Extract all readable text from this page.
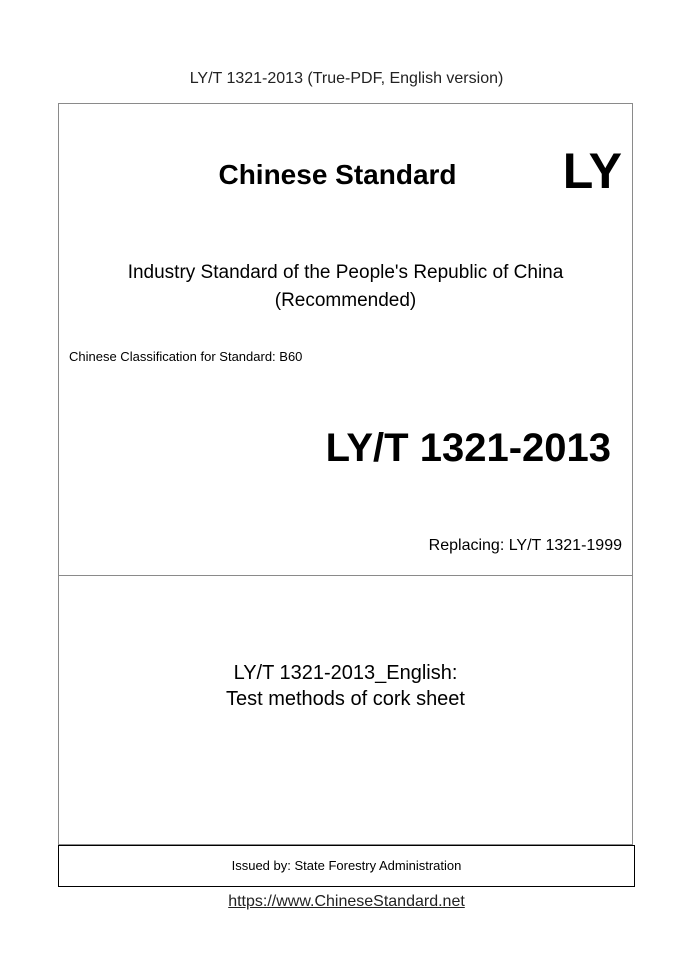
LY/T 1321-2013 (True-PDF, English version)
Chinese Standard	LY
Industry Standard of the People's Republic of China
(Recommended)
Chinese Classification for Standard: B60
LY/T 1321-2013
Replacing: LY/T 1321-1999
LY/T 1321-2013_English:
Test methods of cork sheet
Issued by: State Forestry Administration
https://www.ChineseStandard.net
